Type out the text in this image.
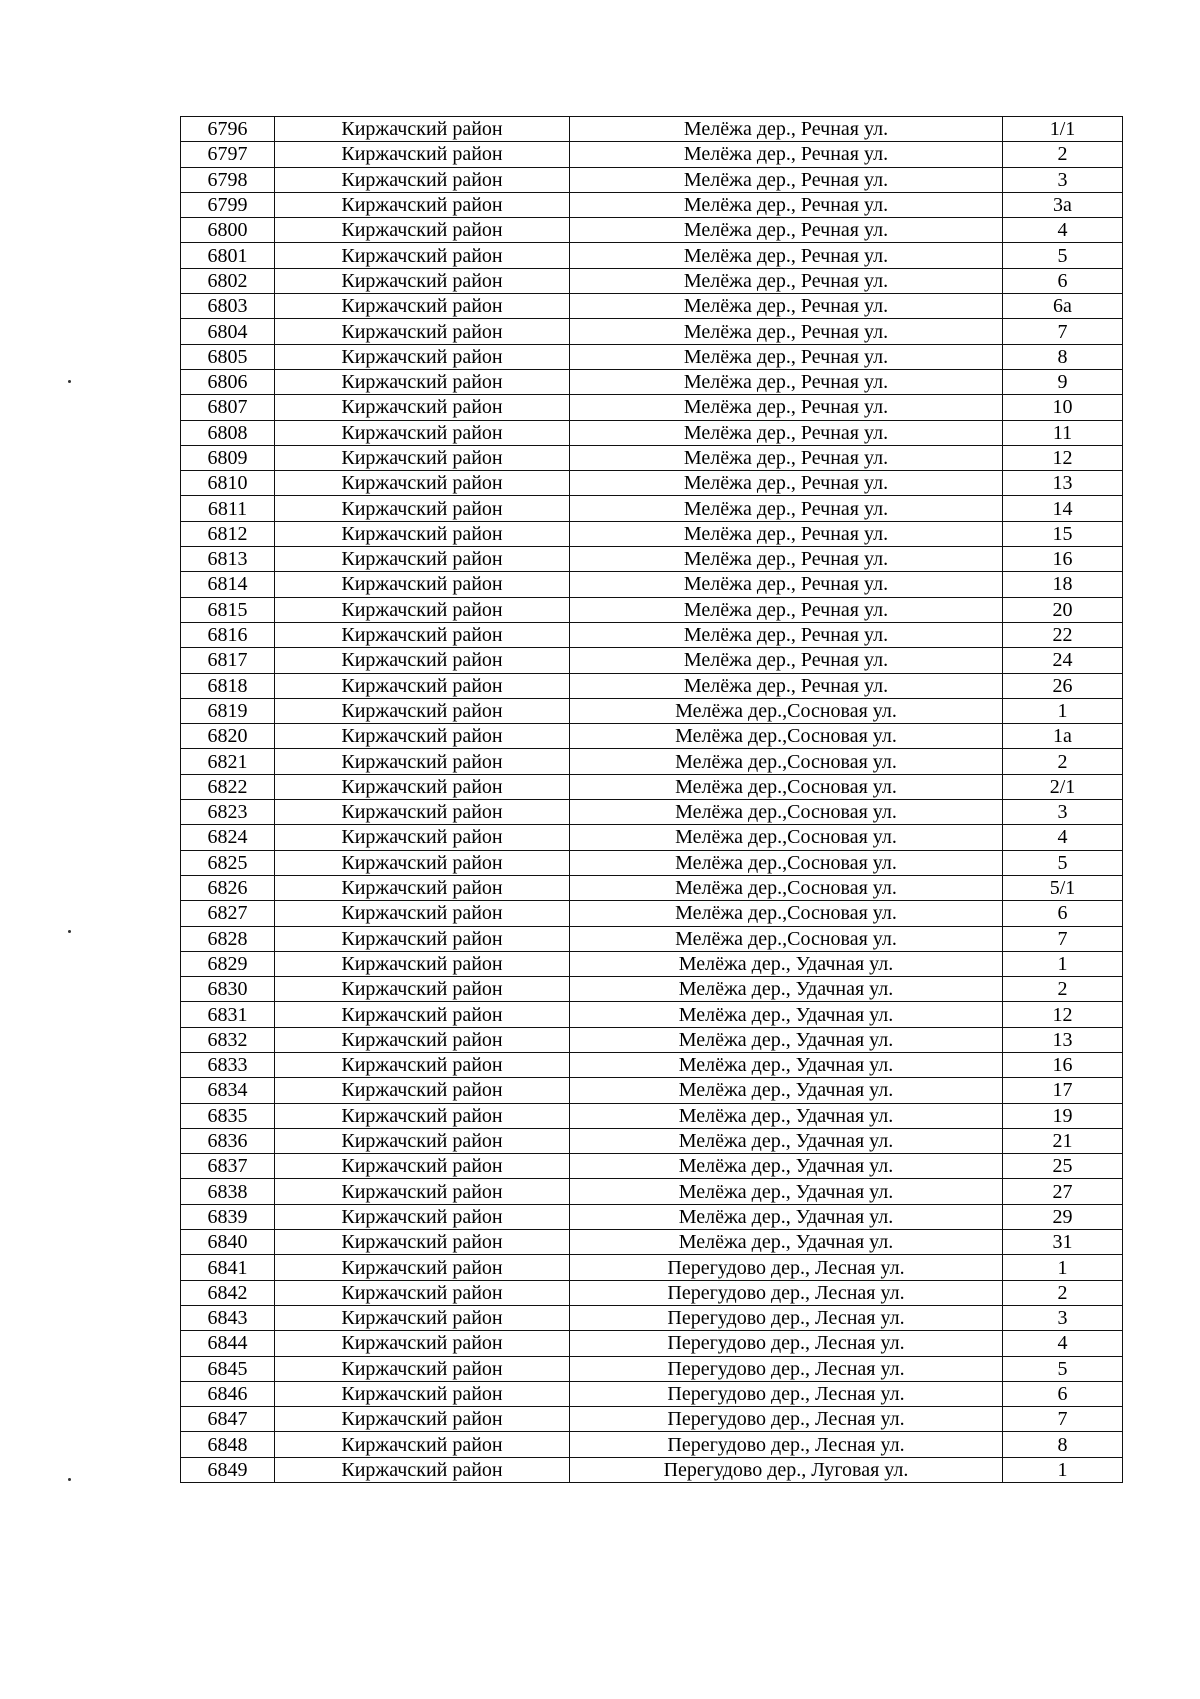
6796	Киржачский район	Мелёжа дер., Речная ул.	1/1
6797	Киржачский район	Мелёжа дер., Речная ул.	2
6798	Киржачский район	Мелёжа дер., Речная ул.	3
6799	Киржачский район	Мелёжа дер., Речная ул.	3а
6800	Киржачский район	Мелёжа дер., Речная ул.	4
6801	Киржачский район	Мелёжа дер., Речная ул.	5
6802	Киржачский район	Мелёжа дер., Речная ул.	6
6803	Киржачский район	Мелёжа дер., Речная ул.	6а
6804	Киржачский район	Мелёжа дер., Речная ул.	7
6805	Киржачский район	Мелёжа дер., Речная ул.	8
6806	Киржачский район	Мелёжа дер., Речная ул.	9
6807	Киржачский район	Мелёжа дер., Речная ул.	10
6808	Киржачский район	Мелёжа дер., Речная ул.	11
6809	Киржачский район	Мелёжа дер., Речная ул.	12
6810	Киржачский район	Мелёжа дер., Речная ул.	13
6811	Киржачский район	Мелёжа дер., Речная ул.	14
6812	Киржачский район	Мелёжа дер., Речная ул.	15
6813	Киржачский район	Мелёжа дер., Речная ул.	16
6814	Киржачский район	Мелёжа дер., Речная ул.	18
6815	Киржачский район	Мелёжа дер., Речная ул.	20
6816	Киржачский район	Мелёжа дер., Речная ул.	22
6817	Киржачский район	Мелёжа дер., Речная ул.	24
6818	Киржачский район	Мелёжа дер., Речная ул.	26
6819	Киржачский район	Мелёжа дер.,Сосновая ул.	1
6820	Киржачский район	Мелёжа дер.,Сосновая ул.	1а
6821	Киржачский район	Мелёжа дер.,Сосновая ул.	2
6822	Киржачский район	Мелёжа дер.,Сосновая ул.	2/1
6823	Киржачский район	Мелёжа дер.,Сосновая ул.	3
6824	Киржачский район	Мелёжа дер.,Сосновая ул.	4
6825	Киржачский район	Мелёжа дер.,Сосновая ул.	5
6826	Киржачский район	Мелёжа дер.,Сосновая ул.	5/1
6827	Киржачский район	Мелёжа дер.,Сосновая ул.	6
6828	Киржачский район	Мелёжа дер.,Сосновая ул.	7
6829	Киржачский район	Мелёжа дер., Удачная ул.	1
6830	Киржачский район	Мелёжа дер., Удачная ул.	2
6831	Киржачский район	Мелёжа дер., Удачная ул.	12
6832	Киржачский район	Мелёжа дер., Удачная ул.	13
6833	Киржачский район	Мелёжа дер., Удачная ул.	16
6834	Киржачский район	Мелёжа дер., Удачная ул.	17
6835	Киржачский район	Мелёжа дер., Удачная ул.	19
6836	Киржачский район	Мелёжа дер., Удачная ул.	21
6837	Киржачский район	Мелёжа дер., Удачная ул.	25
6838	Киржачский район	Мелёжа дер., Удачная ул.	27
6839	Киржачский район	Мелёжа дер., Удачная ул.	29
6840	Киржачский район	Мелёжа дер., Удачная ул.	31
6841	Киржачский район	Перегудово дер., Лесная ул.	1
6842	Киржачский район	Перегудово дер., Лесная ул.	2
6843	Киржачский район	Перегудово дер., Лесная ул.	3
6844	Киржачский район	Перегудово дер., Лесная ул.	4
6845	Киржачский район	Перегудово дер., Лесная ул.	5
6846	Киржачский район	Перегудово дер., Лесная ул.	6
6847	Киржачский район	Перегудово дер., Лесная ул.	7
6848	Киржачский район	Перегудово дер., Лесная ул.	8
6849	Киржачский район	Перегудово дер., Луговая ул.	1
